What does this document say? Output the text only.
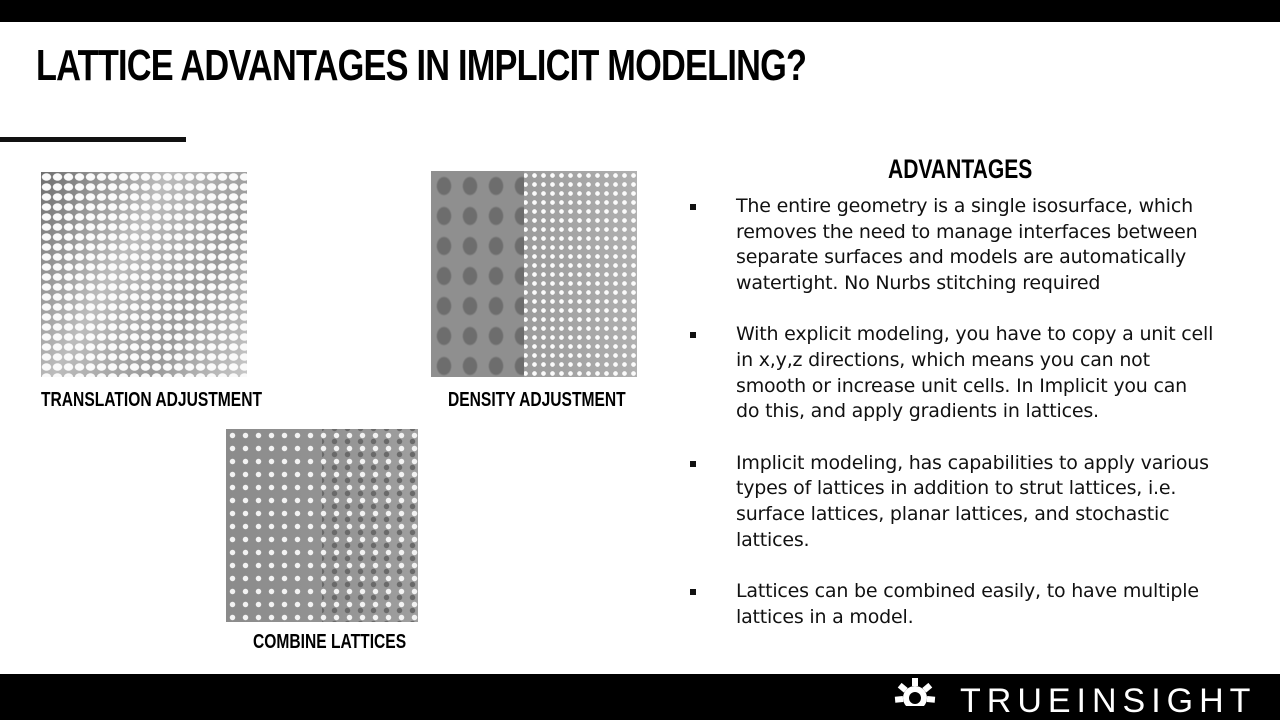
LATTICE ADVANTAGES IN IMPLICIT MODELING?
TRANSLATION ADJUSTMENT	DENSITY ADJUSTMENT
COMBINE LATTICES
ADVANTAGES
The entire geometry is a single isosurface, which removes the need to manage interfaces between separate surfaces and models are automatically watertight. No Nurbs stitching required
With explicit modeling, you have to copy a unit cell in x,y,z directions, which means you can not smooth or increase unit cells. In Implicit you can do this, and apply gradients in lattices.
Implicit modeling, has capabilities to apply various types of lattices in addition to strut lattices, i.e. surface lattices, planar lattices, and stochastic lattices.
Lattices can be combined easily, to have multiple lattices in a model.
TRUEINSIGHT
